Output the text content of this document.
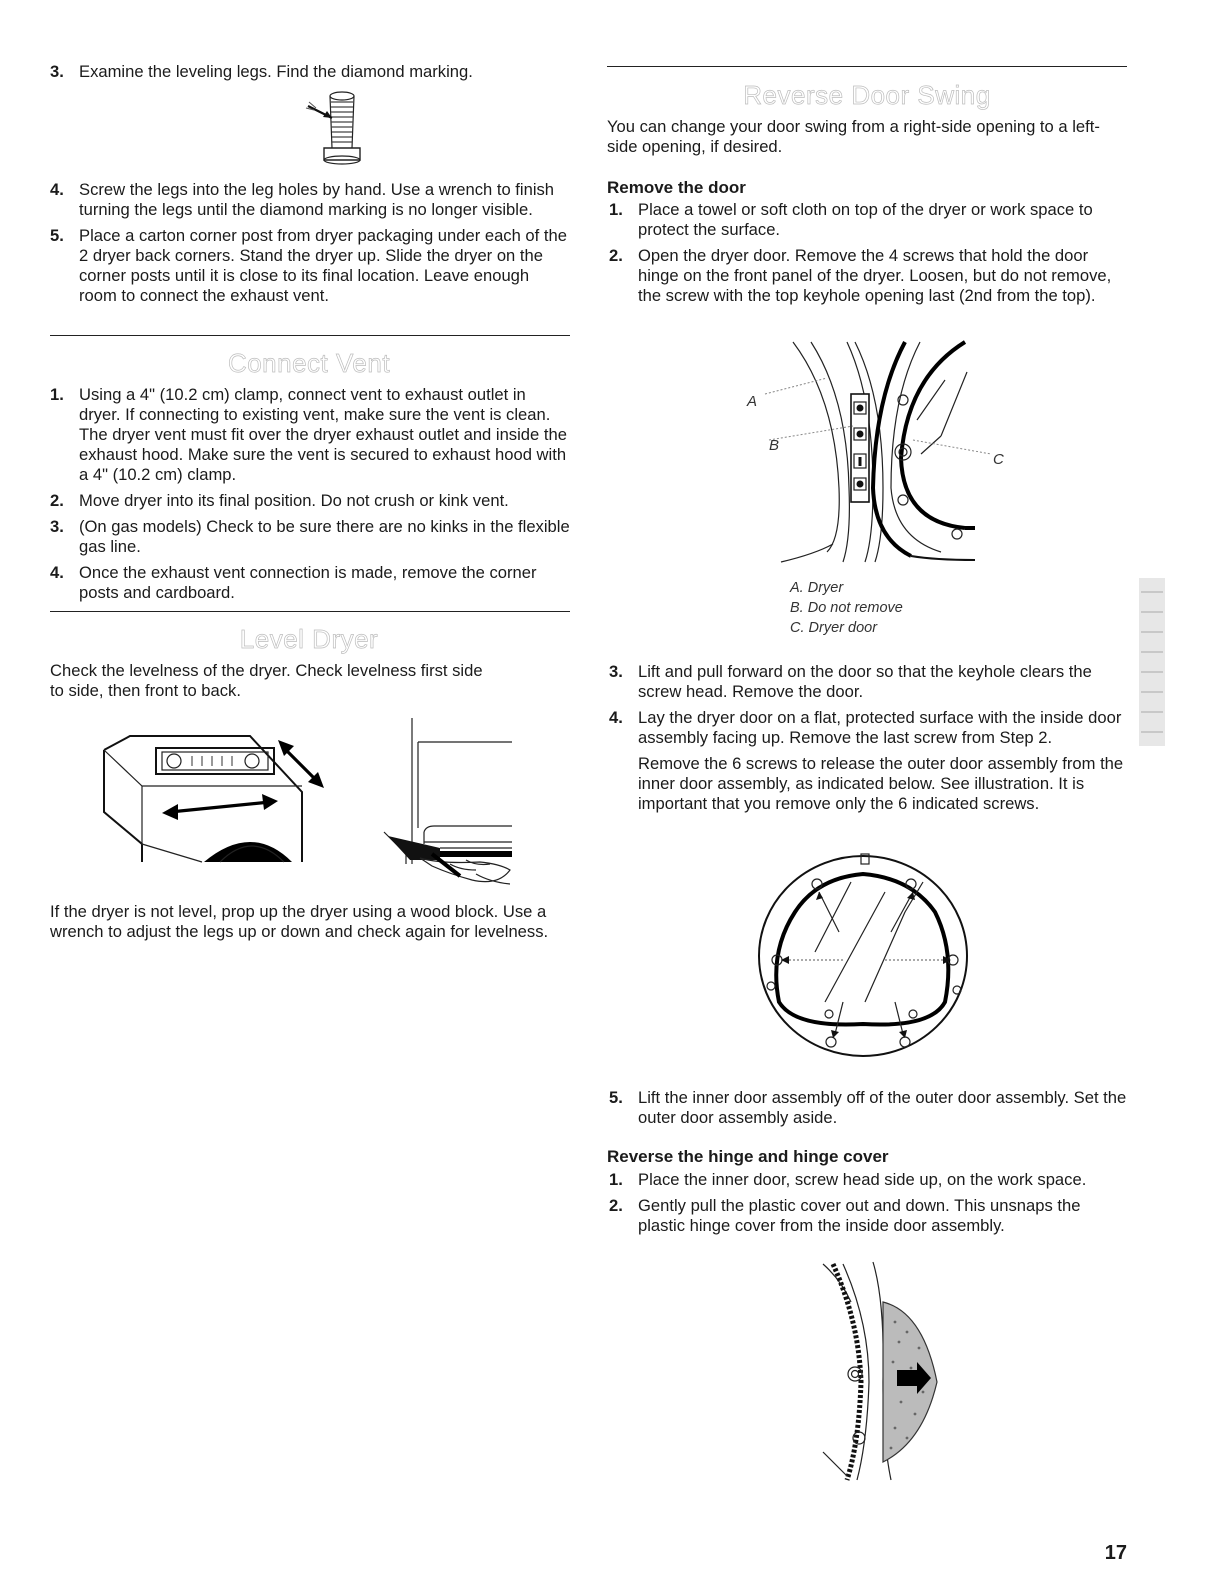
3. Examine the leveling legs. Find the diamond marking.
4. Screw the legs into the leg holes by hand. Use a wrench to finish turning the legs until the diamond marking is no longer visible.
5. Place a carton corner post from dryer packaging under each of the 2 dryer back corners. Stand the dryer up. Slide the dryer on the corner posts until it is close to its final location. Leave enough room to connect the exhaust vent.
Connect Vent
1. Using a 4" (10.2 cm) clamp, connect vent to exhaust outlet in dryer. If connecting to existing vent, make sure the vent is clean. The dryer vent must fit over the dryer exhaust outlet and inside the exhaust hood. Make sure the vent is secured to exhaust hood with a 4" (10.2 cm) clamp.
2. Move dryer into its final position. Do not crush or kink vent.
3. (On gas models) Check to be sure there are no kinks in the flexible gas line.
4. Once the exhaust vent connection is made, remove the corner posts and cardboard.
Level Dryer
Check the levelness of the dryer. Check levelness first side to side, then front to back.
If the dryer is not level, prop up the dryer using a wood block. Use a wrench to adjust the legs up or down and check again for levelness.
Reverse Door Swing
You can change your door swing from a right-side opening to a left-side opening, if desired.
Remove the door
1. Place a towel or soft cloth on top of the dryer or work space to protect the surface.
2. Open the dryer door. Remove the 4 screws that hold the door hinge on the front panel of the dryer. Loosen, but do not remove, the screw with the top keyhole opening last (2nd from the top).
A
B
C
A. Dryer
B. Do not remove
C. Dryer door
3. Lift and pull forward on the door so that the keyhole clears the screw head. Remove the door.
4. Lay the dryer door on a flat, protected surface with the inside door assembly facing up. Remove the last screw from Step 2.
Remove the 6 screws to release the outer door assembly from the inner door assembly, as indicated below. See illustration. It is important that you remove only the 6 indicated screws.
5. Lift the inner door assembly off of the outer door assembly. Set the outer door assembly aside.
Reverse the hinge and hinge cover
1. Place the inner door, screw head side up, on the work space.
2. Gently pull the plastic cover out and down. This unsnaps the plastic hinge cover from the inside door assembly.
17
